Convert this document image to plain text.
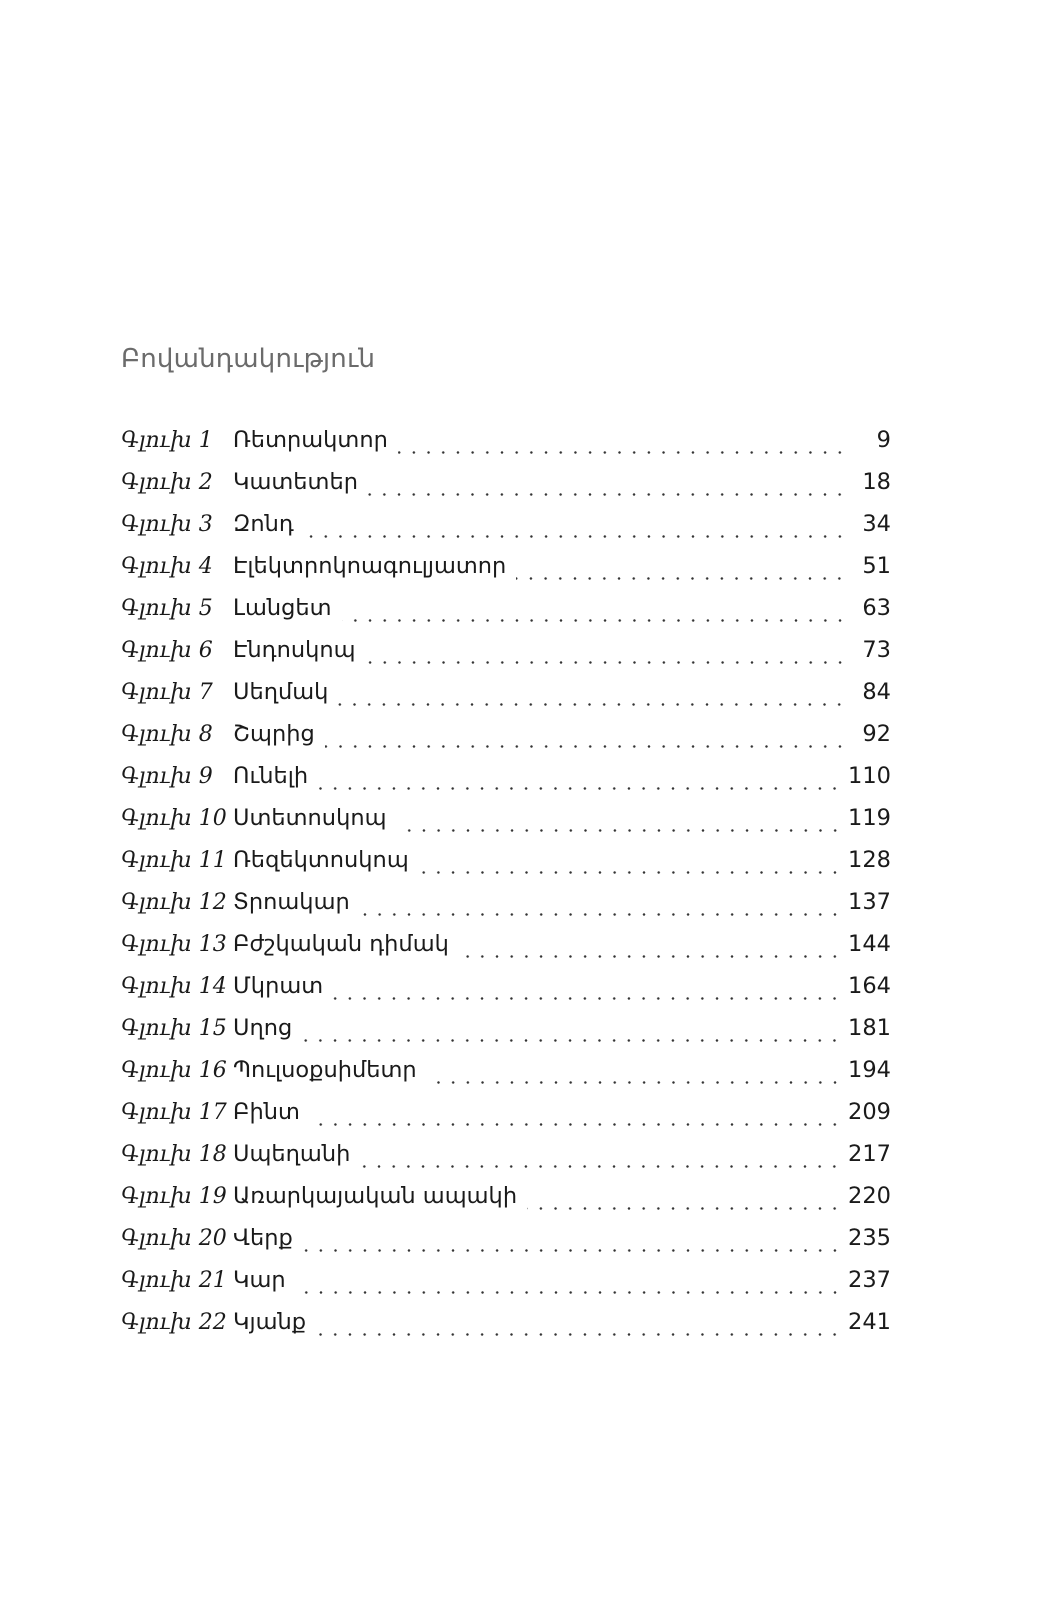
Բովանդակություն
Գլուխ 1 Ռետրակտոր	9
Գլուխ 2 Կատետեր	18
Գլուխ 3 Զոնդ	34
Գլուխ 4 Էլեկտրոկոագուլյատոր	51
Գլուխ 5 Լանցետ	63
Գլուխ 6 Էնդոսկոպ	73
Գլուխ 7 Սեղմակ	84
Գլուխ 8 Շպրից	92
Գլուխ 9 Ունելի	110
Գլուխ 10 Ստետոսկոպ	119
Գլուխ 11 Ռեզեկտոսկոպ	128
Գլուխ 12 Տրոակար	137
Գլուխ 13 Բժշկական դիմակ	144
Գլուխ 14 Մկրատ	164
Գլուխ 15 Սղոց	181
Գլուխ 16 Պուլսօքսիմետր	194
Գլուխ 17 Բինտ	209
Գլուխ 18 Սպեղանի	217
Գլուխ 19 Առարկայական ապակի	220
Գլուխ 20 Վերք	235
Գլուխ 21 Կար	237
Գլուխ 22 Կյանք	241
